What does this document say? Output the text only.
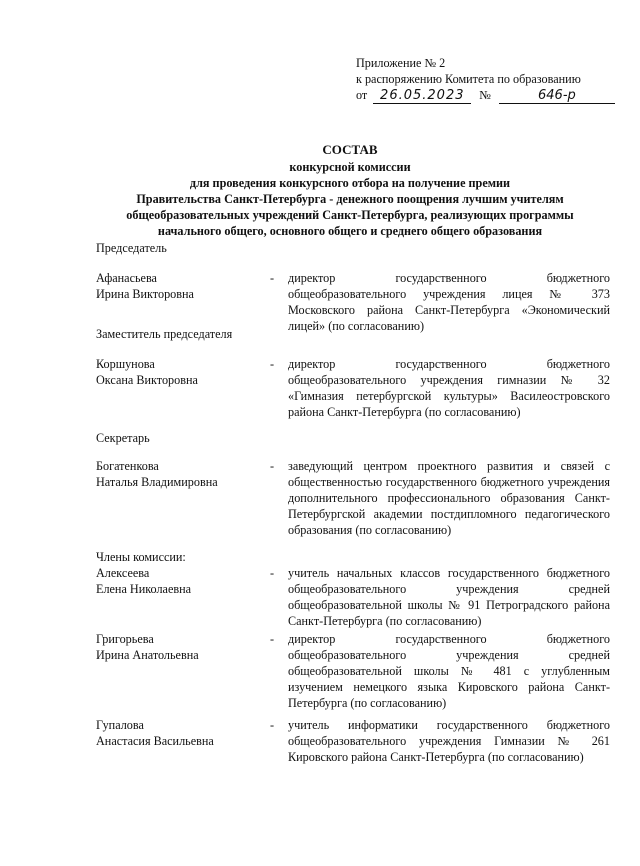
Приложение № 2
к распоряжению Комитета по образованию
от 26.05.2023 №	646-р
СОСТАВ
конкурсной комиссии
для проведения конкурсного отбора на получение премии
Правительства Санкт-Петербурга - денежного поощрения лучшим учителям
общеобразовательных учреждений Санкт-Петербурга, реализующих программы
начального общего, основного общего и среднего общего образования
Председатель
Афанасьева
Ирина Викторовна
- директор государственного бюджетного общеобразовательного учреждения лицея № 373 Московского района Санкт-Петербурга «Экономический лицей» (по согласованию)
Заместитель председателя
Коршунова
Оксана Викторовна
- директор государственного бюджетного общеобразовательного учреждения гимназии № 32 «Гимназия петербургской культуры» Василеостровского района Санкт-Петербурга (по согласованию)
Секретарь
Богатенкова
Наталья Владимировна
- заведующий центром проектного развития и связей с общественностью государственного бюджетного учреждения дополнительного профессионального образования Санкт-Петербургской академии постдипломного педагогического образования (по согласованию)
Члены комиссии:
Алексеева
Елена Николаевна
- учитель начальных классов государственного бюджетного общеобразовательного учреждения средней общеобразовательной школы № 91 Петроградского района Санкт-Петербурга (по согласованию)
Григорьева
Ирина Анатольевна
- директор государственного бюджетного общеобразовательного учреждения средней общеобразовательной школы № 481 с углубленным изучением немецкого языка Кировского района Санкт-Петербурга (по согласованию)
Гупалова
Анастасия Васильевна
- учитель информатики государственного бюджетного общеобразовательного учреждения Гимназии № 261 Кировского района Санкт-Петербурга (по согласованию)
